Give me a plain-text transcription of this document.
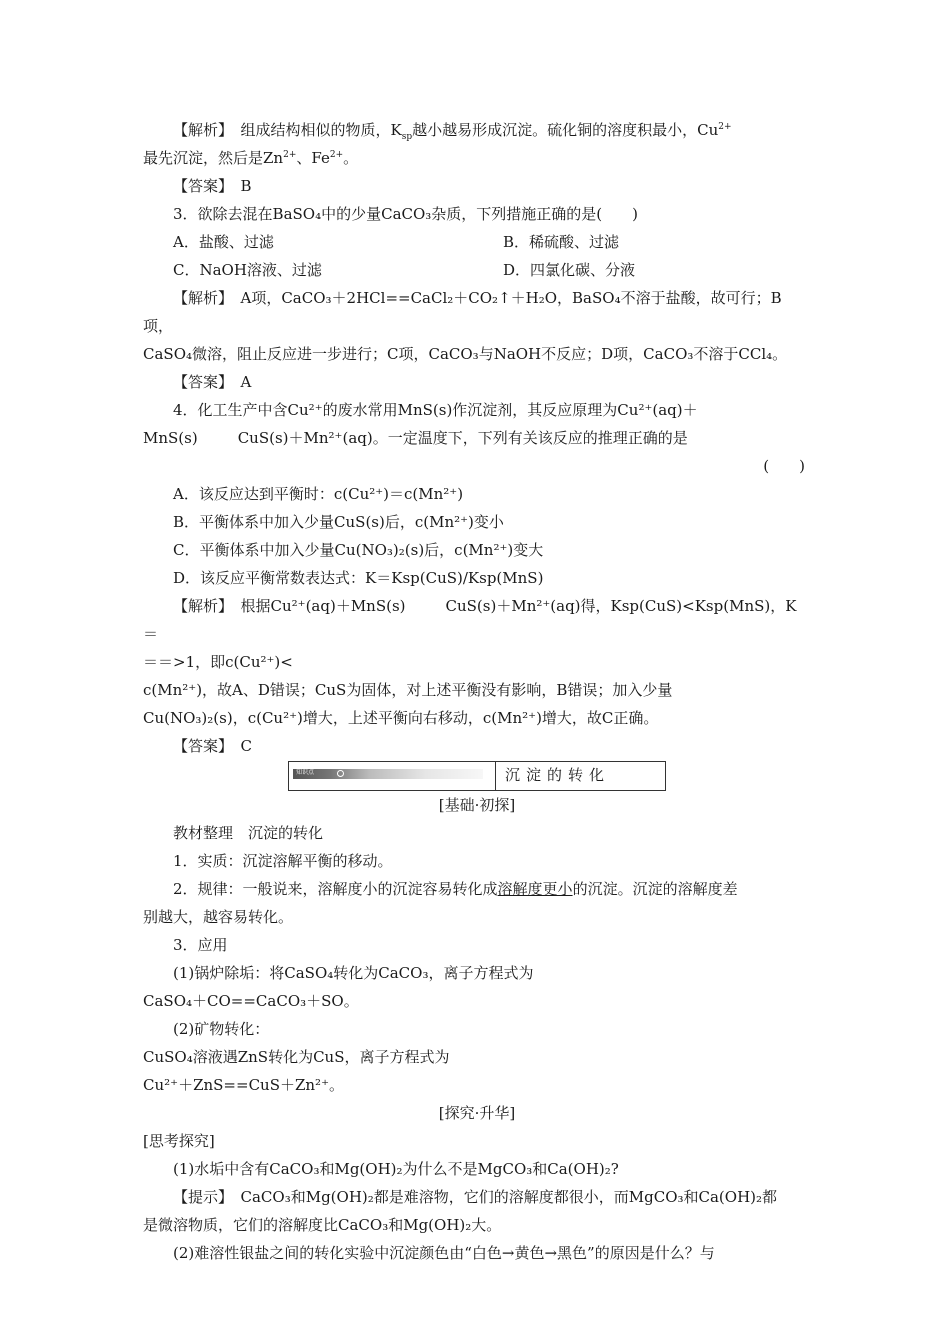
【解析】　组成结构相似的物质，$K_{sp}$越小越易形成沉淀。硫化铜的溶度积最小，$Cu^{2+}$

最先沉淀，然后是$Zn^{2+}$、$Fe^{2+}$。

【答案】　B

3．欲除去混在BaSO₄中的少量CaCO₃杂质，下列措施正确的是(　　)

A．盐酸、过滤	B．稀硫酸、过滤
C．NaOH溶液、过滤	D．四氯化碳、分液

【解析】　A项，CaCO₃＋2HCl==CaCl₂＋CO₂↑＋H₂O，BaSO₄不溶于盐酸，故可行；B项，

CaSO₄微溶，阻止反应进一步进行；C项，CaCO₃与NaOH不反应；D项，CaCO₃不溶于CCl₄。

【答案】　A

4．化工生产中含Cu²⁺的废水常用MnS(s)作沉淀剂，其反应原理为Cu²⁺(aq)＋

MnS(s)	CuS(s)＋Mn²⁺(aq)。一定温度下，下列有关该反应的推理正确的是

(　　)

A．该反应达到平衡时：c(Cu²⁺)＝c(Mn²⁺)

B．平衡体系中加入少量CuS(s)后，c(Mn²⁺)变小

C．平衡体系中加入少量Cu(NO₃)₂(s)后，c(Mn²⁺)变大

D．该反应平衡常数表达式：K＝Ksp(CuS)/Ksp(MnS)

【解析】　根据Cu²⁺(aq)＋MnS(s)	CuS(s)＋Mn²⁺(aq)得，Ksp(CuS)<Ksp(MnS)，K＝

＝＝>1，即c(Cu²⁺)<

c(Mn²⁺)，故A、D错误；CuS为固体，对上述平衡没有影响，B错误；加入少量

Cu(NO₃)₂(s)，c(Cu²⁺)增大，上述平衡向右移动，c(Mn²⁺)增大，故C正确。

【答案】　C

知识点	沉淀的转化

[基础·初探]

教材整理　沉淀的转化

1．实质：沉淀溶解平衡的移动。

2．规律：一般说来，溶解度小的沉淀容易转化成溶解度更小的沉淀。沉淀的溶解度差

别越大，越容易转化。

3．应用

(1)锅炉除垢：将CaSO₄转化为CaCO₃，离子方程式为

CaSO₄＋CO==CaCO₃＋SO。

(2)矿物转化：

CuSO₄溶液遇ZnS转化为CuS，离子方程式为

Cu²⁺＋ZnS==CuS＋Zn²⁺。

[探究·升华]

[思考探究]

(1)水垢中含有CaCO₃和Mg(OH)₂为什么不是MgCO₃和Ca(OH)₂?

【提示】　CaCO₃和Mg(OH)₂都是难溶物，它们的溶解度都很小，而MgCO₃和Ca(OH)₂都

是微溶物质，它们的溶解度比CaCO₃和Mg(OH)₂大。

(2)难溶性银盐之间的转化实验中沉淀颜色由“白色→黄色→黑色”的原因是什么？与
